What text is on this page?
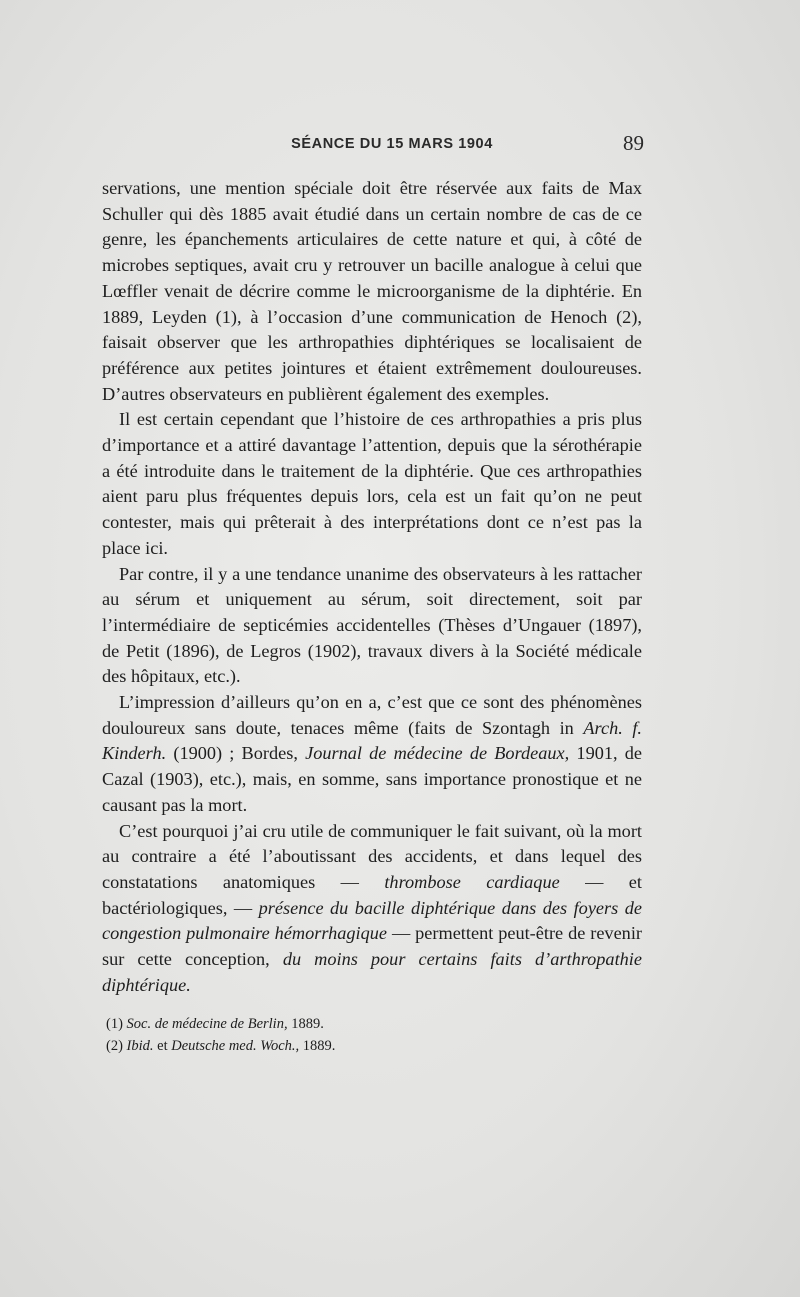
SÉANCE DU 15 MARS 1904	89

servations, une mention spéciale doit être réservée aux faits de Max Schuller qui dès 1885 avait étudié dans un certain nombre de cas de ce genre, les épanchements articulaires de cette nature et qui, à côté de microbes septiques, avait cru y retrouver un bacille analogue à celui que Lœffler venait de décrire comme le microorganisme de la diphtérie. En 1889, Leyden (1), à l’occasion d’une communication de Henoch (2), faisait observer que les arthropathies diphtériques se localisaient de préférence aux petites jointures et étaient extrêmement douloureuses. D’autres observateurs en publièrent également des exemples.

Il est certain cependant que l’histoire de ces arthropathies a pris plus d’importance et a attiré davantage l’attention, depuis que la sérothérapie a été introduite dans le traitement de la diphtérie. Que ces arthropathies aient paru plus fréquentes depuis lors, cela est un fait qu’on ne peut contester, mais qui prêterait à des interprétations dont ce n’est pas la place ici.

Par contre, il y a une tendance unanime des observateurs à les rattacher au sérum et uniquement au sérum, soit directement, soit par l’intermédiaire de septicémies accidentelles (Thèses d’Ungauer (1897), de Petit (1896), de Legros (1902), travaux divers à la Société médicale des hôpitaux, etc.).

L’impression d’ailleurs qu’on en a, c’est que ce sont des phénomènes douloureux sans doute, tenaces même (faits de Szontagh in Arch. f. Kinderh. (1900) ; Bordes, Journal de médecine de Bordeaux, 1901, de Cazal (1903), etc.), mais, en somme, sans importance pronostique et ne causant pas la mort.

C’est pourquoi j’ai cru utile de communiquer le fait suivant, où la mort au contraire a été l’aboutissant des accidents, et dans lequel des constatations anatomiques — thrombose cardiaque — et bactériologiques, — présence du bacille diphtérique dans des foyers de congestion pulmonaire hémorrhagique — permettent peut-être de revenir sur cette conception, du moins pour certains faits d’arthropathie diphtérique.

(1) Soc. de médecine de Berlin, 1889.

(2) Ibid. et Deutsche med. Woch., 1889.
